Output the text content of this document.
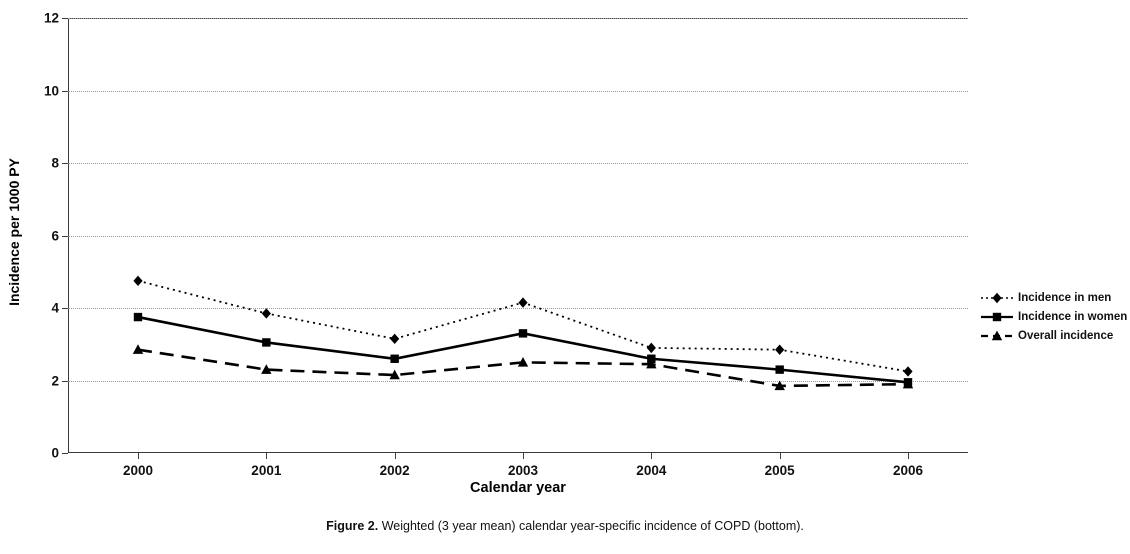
Incidence per 1000 PY
0
2
4
6
8
10
12
2000	2001	2002	2003	2004	2005	2006
Calendar year
Incidence in men
Incidence in women
Overall incidence
Figure 2. Weighted (3 year mean) calendar year-specific incidence of COPD (bottom).
